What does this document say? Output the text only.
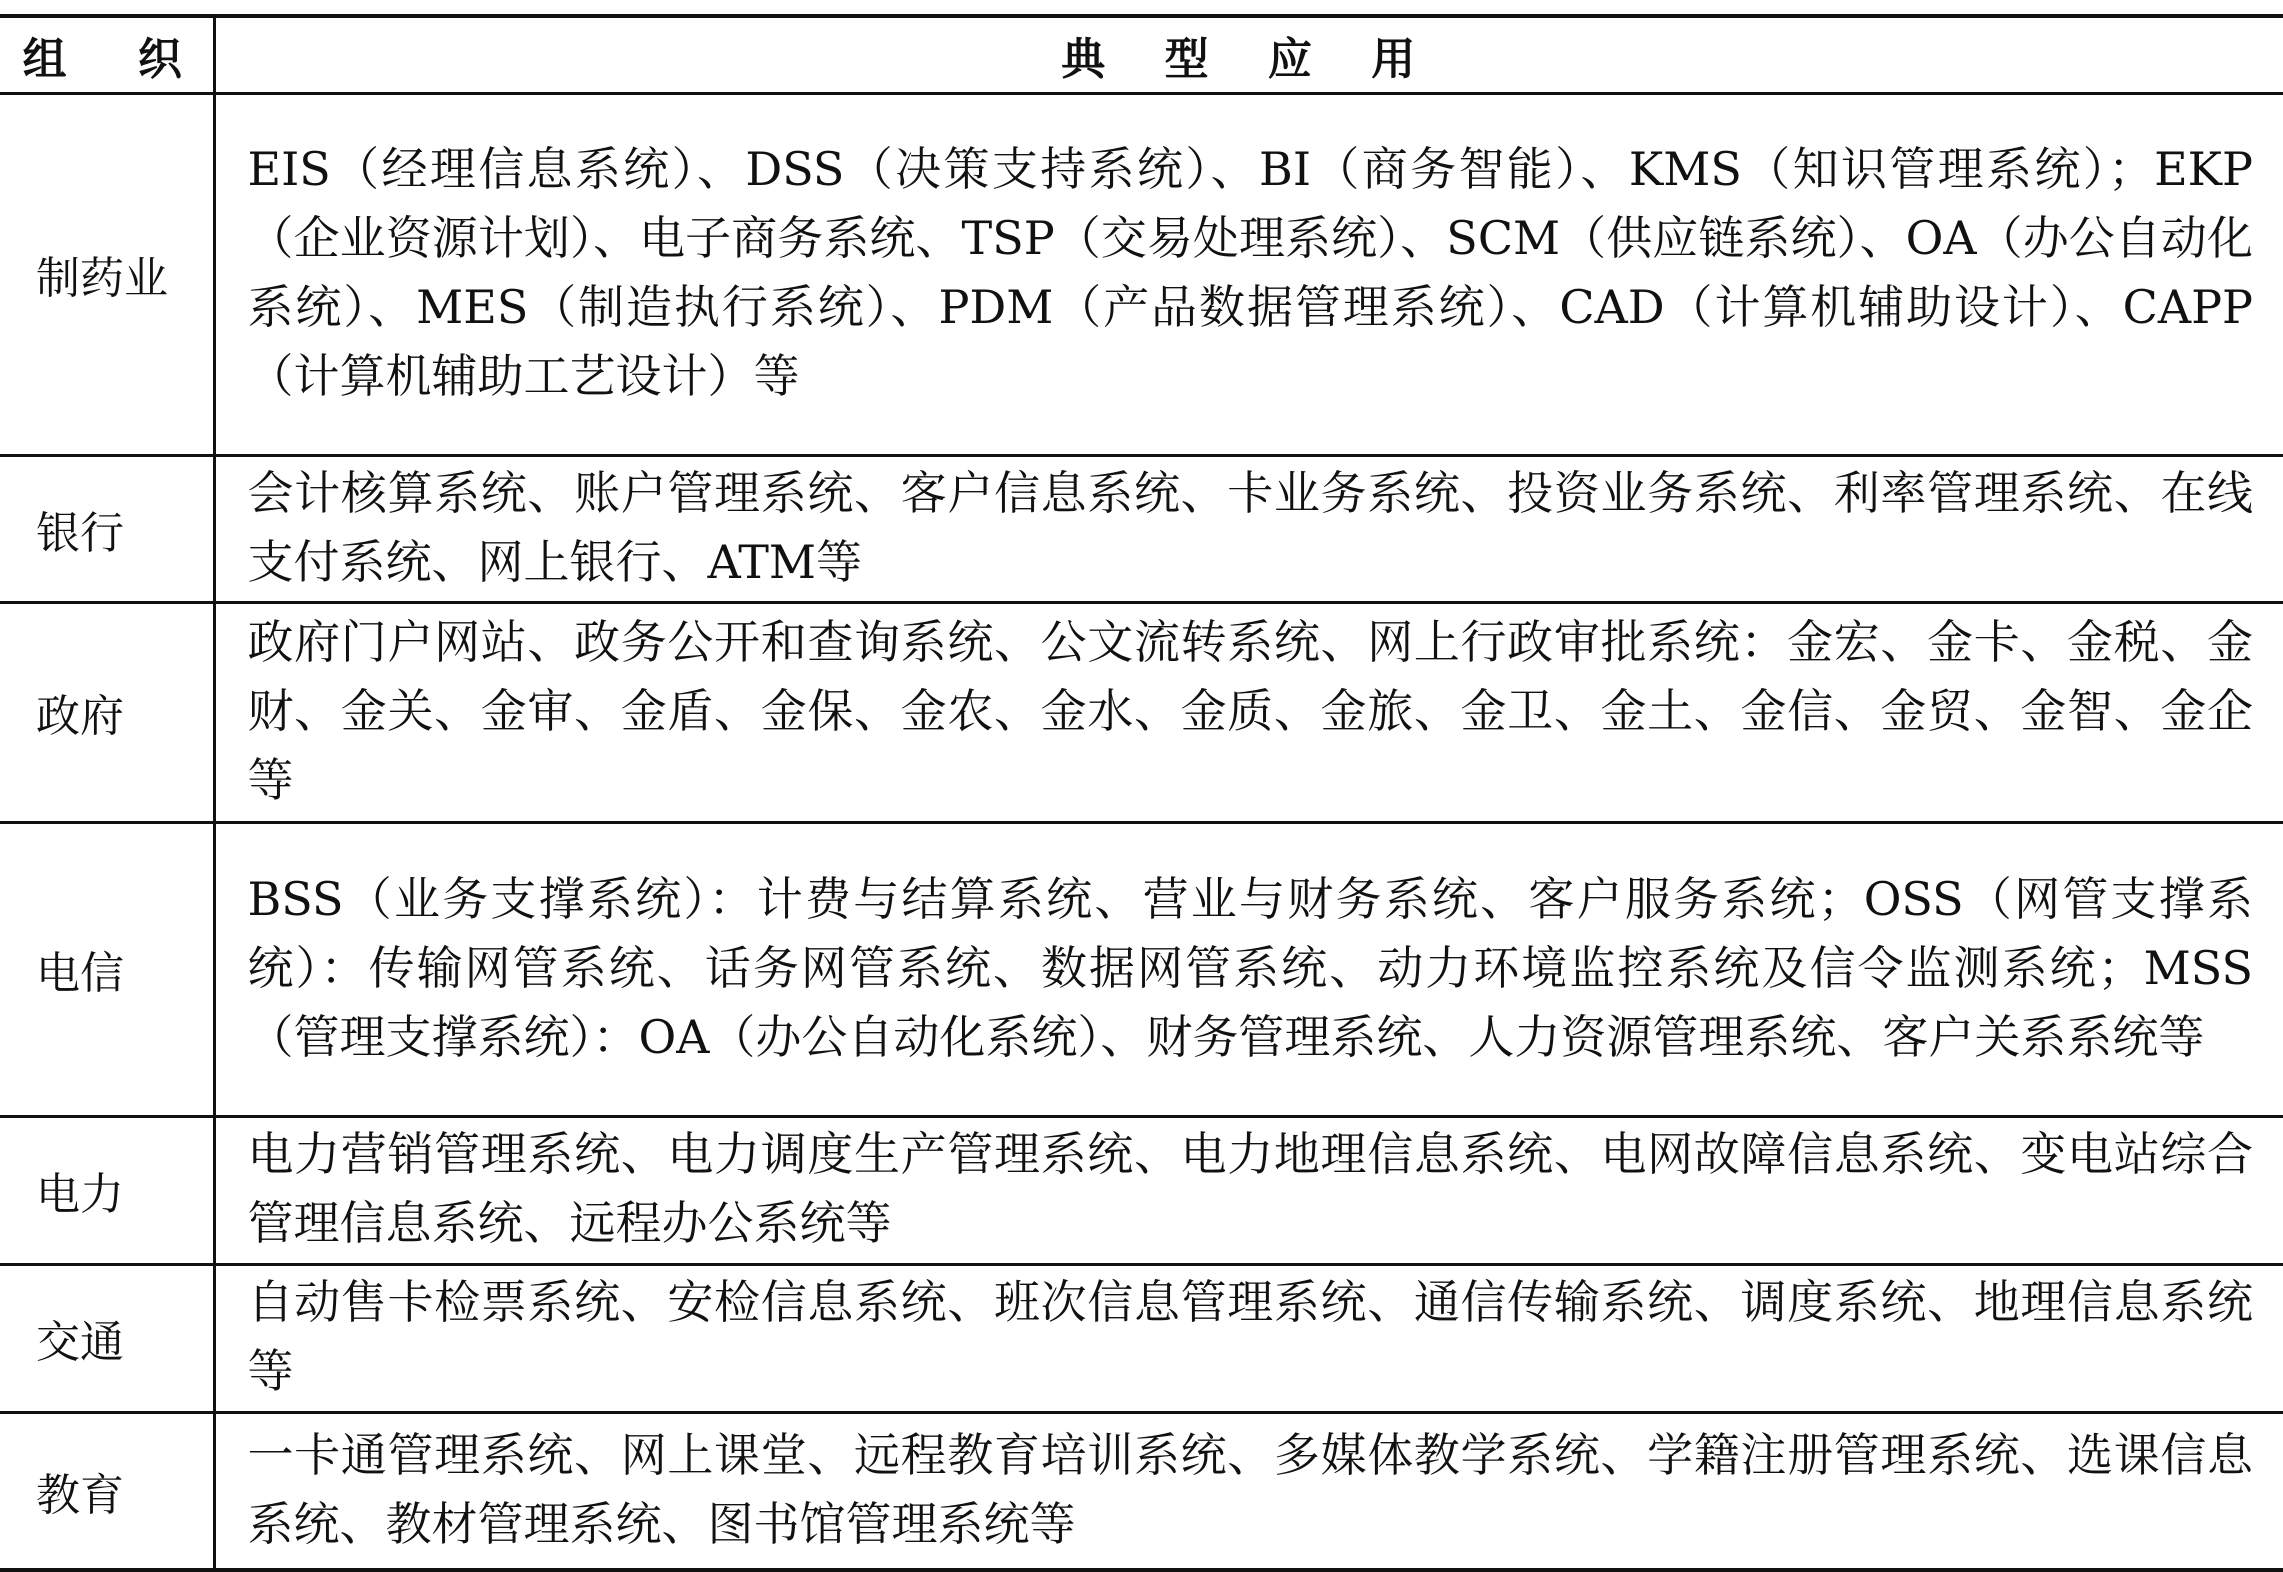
组 织	典 型 应 用
制药业	EIS（经理信息系统）、DSS（决策支持系统）、BI（商务智能）、KMS（知识管理系统）；EKP（企业资源计划）、电子商务系统、TSP（交易处理系统）、SCM（供应链系统）、OA（办公自动化系统）、MES（制造执行系统）、PDM（产品数据管理系统）、CAD（计算机辅助设计）、CAPP（计算机辅助工艺设计）等
银行	会计核算系统、账户管理系统、客户信息系统、卡业务系统、投资业务系统、利率管理系统、在线支付系统、网上银行、ATM等
政府	政府门户网站、政务公开和查询系统、公文流转系统、网上行政审批系统：金宏、金卡、金税、金财、金关、金审、金盾、金保、金农、金水、金质、金旅、金卫、金土、金信、金贸、金智、金企等
电信	BSS（业务支撑系统）：计费与结算系统、营业与财务系统、客户服务系统；OSS（网管支撑系统）：传输网管系统、话务网管系统、数据网管系统、动力环境监控系统及信令监测系统；MSS（管理支撑系统）：OA（办公自动化系统）、财务管理系统、人力资源管理系统、客户关系系统等
电力	电力营销管理系统、电力调度生产管理系统、电力地理信息系统、电网故障信息系统、变电站综合管理信息系统、远程办公系统等
交通	自动售卡检票系统、安检信息系统、班次信息管理系统、通信传输系统、调度系统、地理信息系统等
教育	一卡通管理系统、网上课堂、远程教育培训系统、多媒体教学系统、学籍注册管理系统、选课信息系统、教材管理系统、图书馆管理系统等
